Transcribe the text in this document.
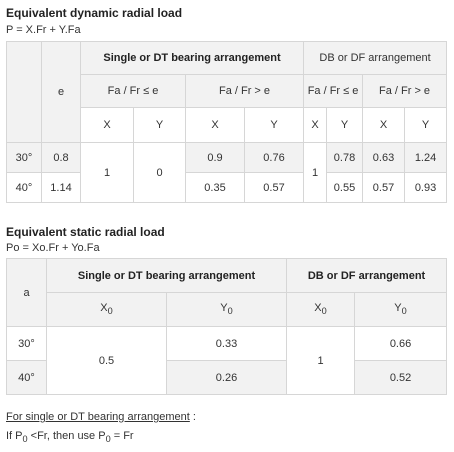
Equivalent dynamic radial load
P = X.Fr + Y.Fa
	e	Single or DT bearing arrangement				DB or DF arrangement			
		Fa / Fr ≤ e		Fa / Fr > e		Fa / Fr ≤ e		Fa / Fr > e	
		X	Y	X	Y	X	Y	X	Y
30°	0.8	1	0	0.9	0.76	1	0.78	0.63	1.24
40°	1.14			0.35	0.57		0.55	0.57	0.93
Equivalent static radial load
Po = Xo.Fr + Yo.Fa
a	Single or DT bearing arrangement		DB or DF arrangement	
	$X_0$	$Y_0$	$X_0$	$Y_0$
30°	0.5	0.33	1	0.66
40°		0.26		0.52
For single or DT bearing arrangement :
If $P_0 <Fr$, then use $P_0 = Fr$
